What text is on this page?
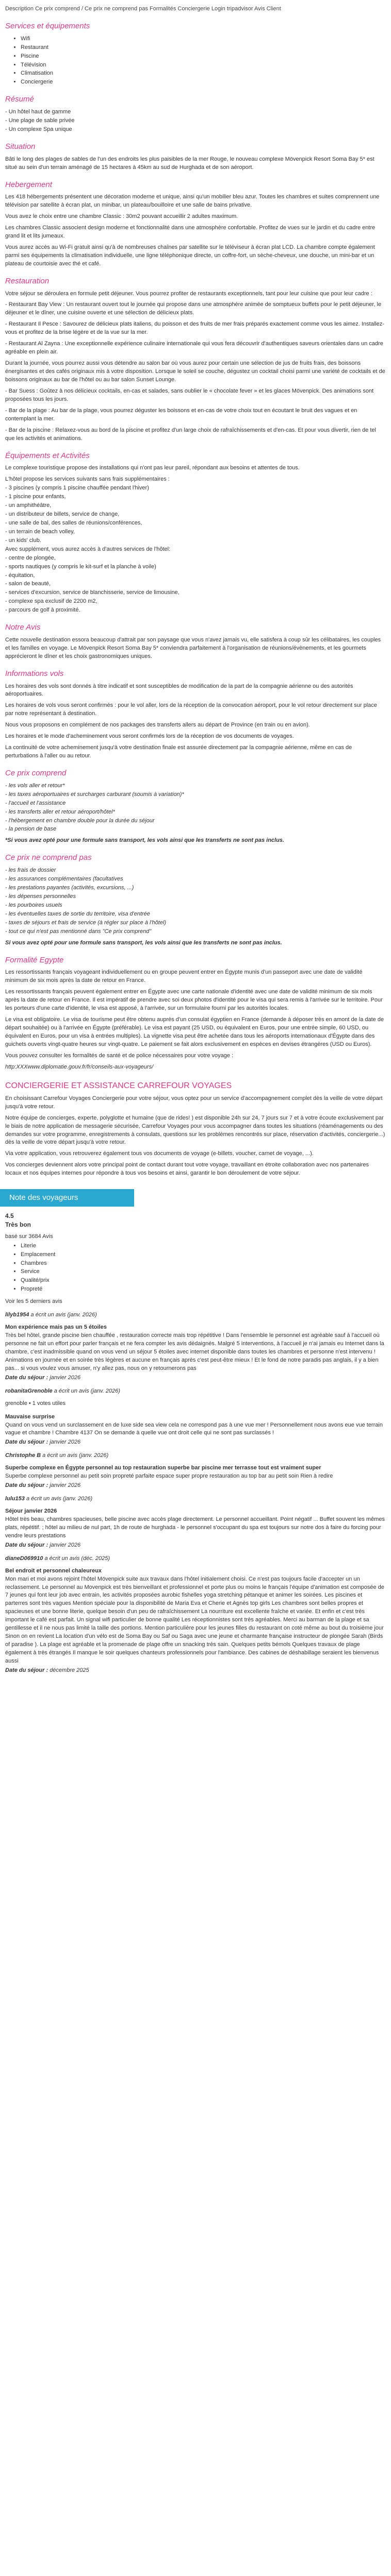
Description Ce prix comprend / Ce prix ne comprend pas Formalités Conciergerie Login tripadvisor Avis Client
Services et équipements
• Wifi
• Restaurant
• Piscine
• Télévision
• Climatisation
• Conciergerie
Résumé
- Un hôtel haut de gamme
- Une plage de sable privée
- Un complexe Spa unique
Situation

Bâti le long des plages de sables de l'un des endroits les plus paisibles de la mer Rouge, le nouveau complexe Mövenpick Resort Soma Bay 5* est situé au sein d'un terrain aménagé de 15 hectares à 45km au sud de Hurghada et de son aéroport.

Hebergement

Les 418 hébergements présentent une décoration moderne et unique, ainsi qu'un mobilier bleu azur. Toutes les chambres et suites comprennent une télévision par satellite à écran plat, un minibar, un plateau/bouilloire et une salle de bains privative.

Vous avez le choix entre une chambre Classic : 30m2 pouvant accueillir 2 adultes maximum.

Les chambres Classic associent design moderne et fonctionnalité dans une atmosphère confortable. Profitez de vues sur le jardin et du cadre entre grand lit et lits jumeaux.

Vous aurez accès au Wi-Fi gratuit ainsi qu'à de nombreuses chaînes par satellite sur le téléviseur à écran plat LCD. La chambre compte également parmi ses équipements la climatisation individuelle, une ligne téléphonique directe, un coffre-fort, un sèche-cheveux, une douche, un mini-bar et un plateau de courtoisie avec thé et café.

Restauration

Votre séjour se déroulera en formule petit déjeuner. Vous pourrez profiter de restaurants exceptionnels, tant pour leur cuisine que pour leur cadre :

- Restaurant Bay View : Un restaurant ouvert tout le journée qui propose dans une atmosphère animée de somptueux buffets pour le petit déjeuner, le déjeuner et le dîner, une cuisine ouverte et une sélection de délicieux plats.

- Restaurant Il Pesce : Savourez de délicieux plats italiens, du poisson et des fruits de mer frais préparés exactement comme vous les aimez. Installez-vous et profitez de la brise légère et de la vue sur la mer.

- Restaurant Al Zayna : Une exceptionnelle expérience culinaire internationale qui vous fera découvrir d'authentiques saveurs orientales dans un cadre agréable en plein air.

Durant la journée, vous pourrez aussi vous détendre au salon bar où vous aurez pour certain une sélection de jus de fruits frais, des boissons énergisantes et des cafés originaux mis à votre disposition. Lorsque le soleil se couche, dégustez un cocktail choisi parmi une variété de cocktails et de boissons originaux au bar de l'hôtel ou au bar salon Sunset Lounge.

- Bar Suess : Goûtez à nos délicieux cocktails, en-cas et salades, sans oublier le « chocolate fever » et les glaces Mövenpick. Des animations sont proposées tous les jours.

- Bar de la plage : Au bar de la plage, vous pourrez déguster les boissons et en-cas de votre choix tout en écoutant le bruit des vagues et en contemplant la mer.

- Bar de la piscine : Relaxez-vous au bord de la piscine et profitez d'un large choix de rafraîchissements et d'en-cas. Et pour vous divertir, rien de tel que les activités et animations.

Équipements et Activités

Le complexe touristique propose des installations qui n'ont pas leur pareil, répondant aux besoins et attentes de tous.

L'hôtel propose les services suivants sans frais supplémentaires :
- 3 piscines (y compris 1 piscine chauffée pendant l'hiver)
- 1 piscine pour enfants,
- un amphithéâtre,
- un distributeur de billets, service de change,
- une salle de bal, des salles de réunions/conférences,
- un terrain de beach volley,
- un kids' club.
Avec supplément, vous aurez accès à d'autres services de l'hôtel:
- centre de plongée,
- sports nautiques (y compris le kit-surf et la planche à voile)
- équitation,
- salon de beauté,
- services d'excursion, service de blanchisserie, service de limousine,
- complexe spa exclusif de 2200 m2,
- parcours de golf à proximité.
Notre Avis

Cette nouvelle destination essora beaucoup d'attrait par son paysage que vous n'avez jamais vu, elle satisfera à coup sûr les célibataires, les couples et les familles en voyage. Le Mövenpick Resort Soma Bay 5* conviendra parfaitement à l'organisation de réunions/évènements, et les gourmets apprécieront le dîner et les choix gastronomiques uniques.

Informations vols

Les horaires des vols sont donnés à titre indicatif et sont susceptibles de modification de la part de la compagnie aérienne ou des autorités aéroportuaires.

Les horaires de vols vous seront confirmés : pour le vol aller, lors de la réception de la convocation aéroport, pour le vol retour directement sur place par notre représentant à destination.

Nous vous proposons en complément de nos packages des transferts allers au départ de Province (en train ou en avion).

Les horaires et le mode d'acheminement vous seront confirmés lors de la réception de vos documents de voyages.

La continuité de votre acheminement jusqu'à votre destination finale est assurée directement par la compagnie aérienne, même en cas de perturbations à l'aller ou au retour.

Ce prix comprend
- les vols aller et retour*
- les taxes aéroportuaires et surcharges carburant (soumis à variation)*
- l'accueil et l'assistance
- les transferts aller et retour aéroport/hôtel*
- l'hébergement en chambre double pour la durée du séjour
- la pension de base

*Si vous avez opté pour une formule sans transport, les vols ainsi que les transferts ne sont pas inclus.

Ce prix ne comprend pas
- les frais de dossier
- les assurances complémentaires (facultatives
- les prestations payantes (activités, excursions, ...)
- les dépenses personnelles
- les pourboires usuels
- les éventuelles taxes de sortie du territoire, visa d'entrée
- taxes de séjours et frais de service (à régler sur place à l'hôtel)
- tout ce qui n'est pas mentionné dans "Ce prix comprend"

Si vous avez opté pour une formule sans transport, les vols ainsi que les transferts ne sont pas inclus.

Formalité Egypte

Les ressortissants français voyageant individuellement ou en groupe peuvent entrer en Égypte munis d'un passeport avec une date de validité minimum de six mois après la date de retour en France.

Les ressortissants français peuvent également entrer en Égypte avec une carte nationale d'identité avec une date de validité minimum de six mois après la date de retour en France. Il est impératif de prendre avec soi deux photos d'identité pour le visa qui sera remis à l'arrivée sur le territoire. Pour les porteurs d'une carte d'identité, le visa est apposé, à l'arrivée, sur un formulaire fourni par les autorités locales.

Le visa est obligatoire. Le visa de tourisme peut être obtenu auprès d'un consulat égyptien en France (demande à déposer très en amont de la date de départ souhaitée) ou à l'arrivée en Égypte (préférable). Le visa est payant (25 USD, ou équivalent en Euros, pour une entrée simple, 60 USD, ou équivalent en Euros, pour un visa à entrées multiples). La vignette visa peut être achetée dans tous les aéroports internationaux d'Égypte dans des guichets ouverts vingt-quatre heures sur vingt-quatre. Le paiement se fait alors exclusivement en espèces en devises étrangères (USD ou Euros).

Vous pouvez consulter les formalités de santé et de police nécessaires pour votre voyage :

http:XXXwww.diplomatie.gouv.fr/fr/conseils-aux-voyageurs/

CONCIERGERIE ET ASSISTANCE CARREFOUR VOYAGES

En choisissant Carrefour Voyages Conciergerie pour votre séjour, vous optez pour un service d'accompagnement complet dès la veille de votre départ jusqu'à votre retour.

Notre équipe de concierges, experte, polyglotte et humaine (que de rides! ) est disponible 24h sur 24, 7 jours sur 7 et à votre écoute exclusivement par le biais de notre application de messagerie sécurisée, Carrefour Voyages pour vous accompagner dans toutes les situations (réaménagements ou des demandes sur votre programme, enregistrements à consulats, questions sur les problèmes rencontrés sur place, réservation d'activités, conciergerie...) dès la veille de votre départ jusqu'à votre retour.

Via votre application, vous retrouverez également tous vos documents de voyage (e-billets, voucher, carnet de voyage, ...).

Vos concierges deviennent alors votre principal point de contact durant tout votre voyage, travaillant en étroite collaboration avec nos partenaires locaux et nos équipes internes pour répondre à tous vos besoins et ainsi, garantir le bon déroulement de votre séjour.

Note des voyageurs
4.5
Très bon
basé sur 3684 Avis
• Literie
• Emplacement
• Chambres
• Service
• Qualité/prix
• Propreté
Voir les 5 derniers avis
lilyb1954 a écrit un avis (janv. 2026)
Mon expérience mais pas un 5 étoiles
Très bel hôtel, grande piscine bien chauffée , restauration correcte mais trop répétitive ! Dans l'ensemble le personnel est agréable sauf à l'accueil où personne ne fait un effort pour parler français et ne fera compter les avis dédaignés. Malgré 5 interventions, à l'accueil je n'ai jamais eu Internet dans la chambre, c'est inadmissible quand on vous vend un séjour 5 étoiles avec internet disponible dans toutes les chambres et personne n'est intervenu ! Animations en journée et en soirée très légères et aucune en français après c'est peut-être mieux ! Et le fond de notre paradis pas anglais, il y a bien pas... si vous voulez vous amuser, n'y allez pas, nous on y retournerons pas
Date du séjour : janvier 2026
robanitaGrenoble a écrit un avis (janv. 2026)
grenoble • 1 votes utiles
Mauvaise surprise
Quand on vous vend un surclassement en de luxe side sea view cela ne correspond pas à une vue mer ! Personnellement nous avons eue vue terrain vague et chambre ! Chambre 4137 On se demande à quelle vue ont droit celle qui ne sont pas surclassés !
Date du séjour : janvier 2026
Christophe B a écrit un avis (janv. 2026)
Superbe complexe en Égypte personnel au top restauration superbe bar piscine mer terrasse tout est vraiment super
Superbe complexe personnel au petit soin propreté parfaite espace super propre restauration au top bar au petit soin Rien à redire
Date du séjour : janvier 2026
lulu153 a écrit un avis (janv. 2026)
Séjour janvier 2026
Hôtel très beau, chambres spacieuses, belle piscine avec accès plage directement. Le personnel accueillant. Point négatif ... Buffet souvent les mêmes plats, répétitif. ; hôtel au milieu de nul part, 1h de route de hurghada - le personnel s'occupant du spa est toujours sur notre dos à faire du forcing pour vendre leurs prestations
Date du séjour : janvier 2026
dianeD069910 a écrit un avis (déc. 2025)
Bel endroit et personnel chaleureux
Mon mari et moi avons rejoint l'hôtel Mövenpick suite aux travaux dans l'hôtel initialement choisi. Ce n'est pas toujours facile d'accepter un un reclassement. Le personnel au Movenpick est très bienveillant et professionnel et porte plus ou moins le français l'équipe d'animation est composée de 7 jeunes qui font leur job avec entrain, les activités proposées aurobic fishelles yoga stretching pétanque et animer les soirées. Les piscines et parterres sont très vagues Mention spéciale pour la disponibilité de Maria Eva et Cherie et Agnès top girls Les chambres sont belles propres et spacieuses et une bonne literie, quelque besoin d'un peu de rafraîchissement La nourriture est excellente fraîche et variée. Et enfin et c'est très important le café est parfait. Un signal wifi particulier de bonne qualité Les réceptionnistes sont très agréables. Merci au barman de la plage et sa gentillesse et il ne nous pas limité la taille des portions. Mention particulière pour les jeunes filles du restaurant on coté même au bout du troisième jour Sinon on en revient La location d'un vélo est de Soma Bay ou Saf ou Saga avec une jeune et charmante française instructeur de plongée Sarah (Birds of paradise ). La plage est agréable et la promenade de plage offre un snacking très sain. Quelques petits bémols Quelques travaux de plage également à très étrangés Il manque le soir quelques chanteurs professionnels pour l'ambiance. Des cabines de déshabillage seraient les bienvenus aussi
Date du séjour : décembre 2025
